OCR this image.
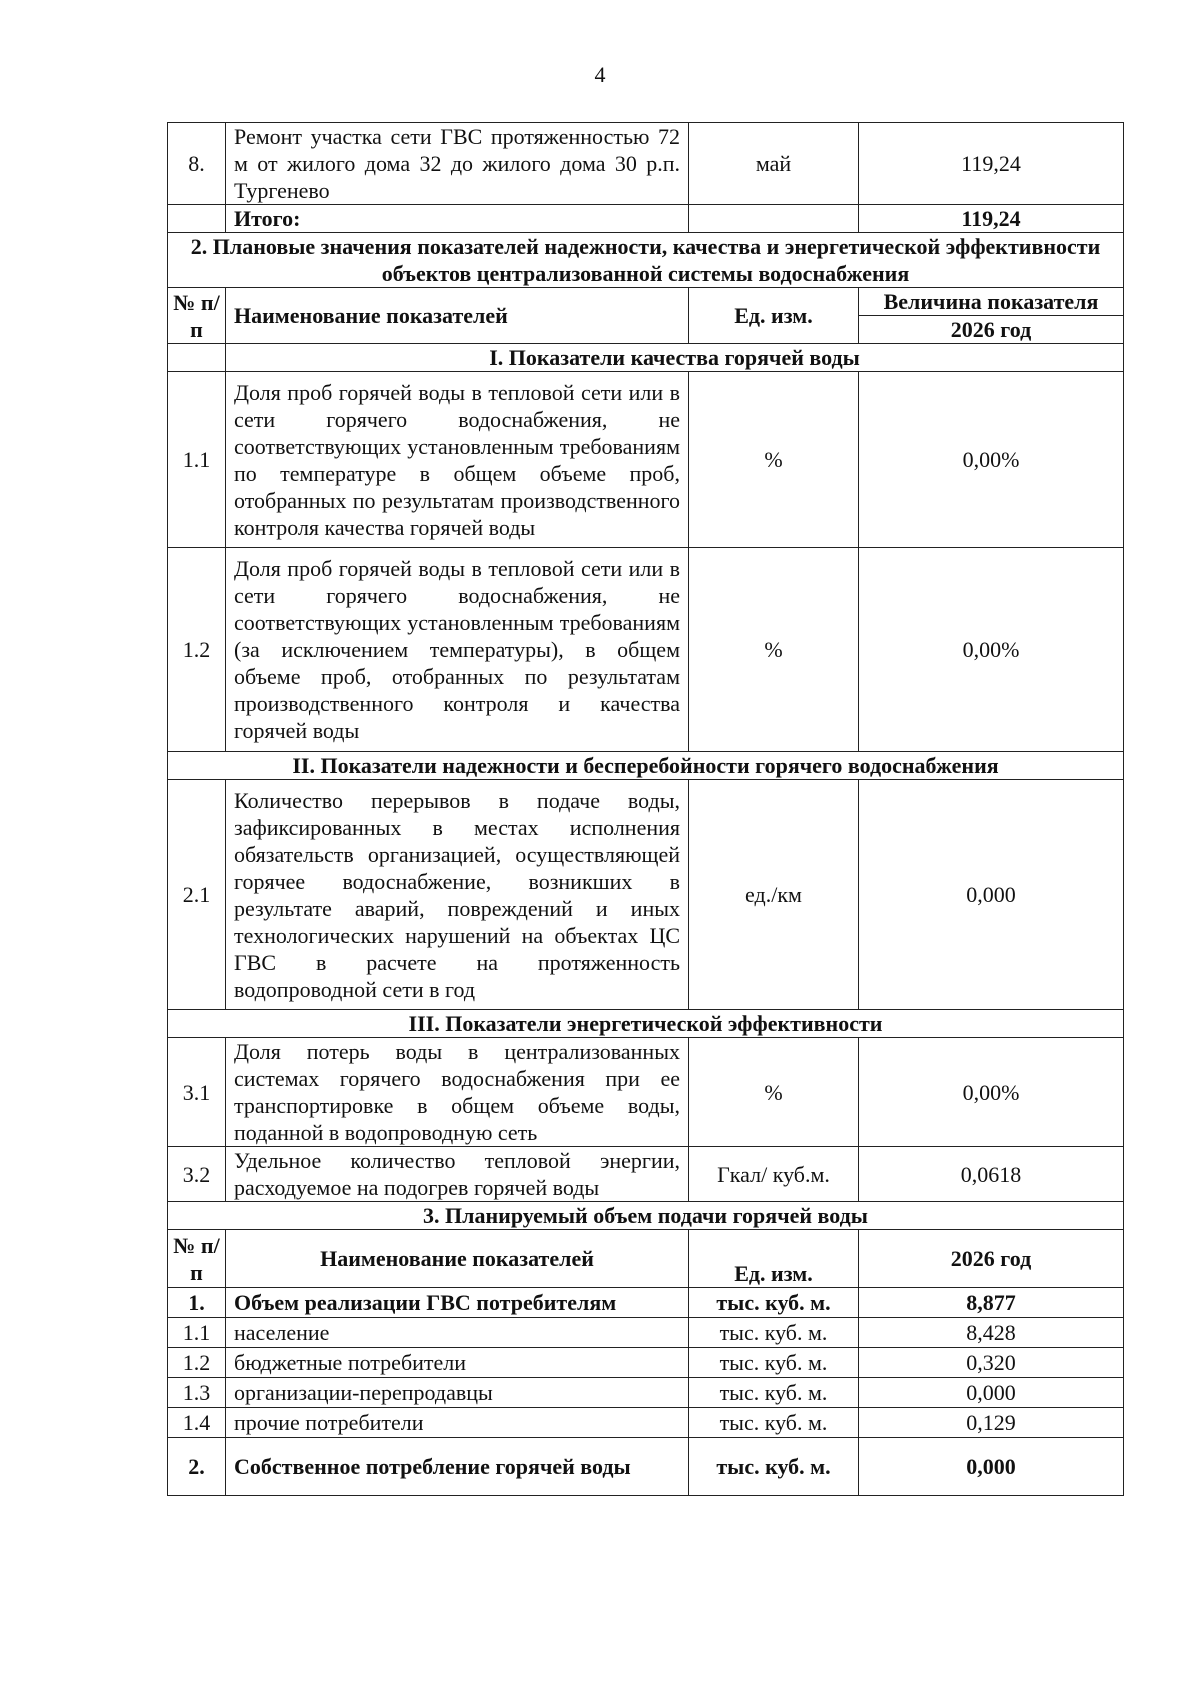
4
8.	Ремонт участка сети ГВС протяженностью 72 м от жилого дома 32 до жилого дома 30 р.п. Тургенево	май	119,24
	Итого:		119,24
2. Плановые значения показателей надежности, качества и энергетической эффективности объектов централизованной системы водоснабжения			
№ п/п	Наименование показателей	Ед. изм.	Величина показателя
			2026 год
	I. Показатели качества горячей воды		
1.1	Доля проб горячей воды в тепловой сети или в сети горячего водоснабжения, не соответствующих установленным требованиям по температуре в общем объеме проб, отобранных по результатам производственного контроля качества горячей воды	%	0,00%
1.2	Доля проб горячей воды в тепловой сети или в сети горячего водоснабжения, не соответствующих установленным требованиям (за исключением температуры), в общем объеме проб, отобранных по результатам производственного контроля и качества горячей воды	%	0,00%
II. Показатели надежности и бесперебойности горячего водоснабжения			
2.1	Количество перерывов в подаче воды, зафиксированных в местах исполнения обязательств организацией, осуществляющей горячее водоснабжение, возникших в результате аварий, повреждений и иных технологических нарушений на объектах ЦС ГВС в расчете на протяженность водопроводной сети в год	ед./км	0,000
III. Показатели энергетической эффективности			
3.1	Доля потерь воды в централизованных системах горячего водоснабжения при ее транспортировке в общем объеме воды, поданной в водопроводную сеть	%	0,00%
3.2	Удельное количество тепловой энергии, расходуемое на подогрев горячей воды	Гкал/ куб.м.	0,0618
3. Планируемый объем подачи горячей воды			
№ п/п	Наименование показателей	Ед. изм.	2026 год
1.	Объем реализации ГВС потребителям	тыс. куб. м.	8,877
1.1	население	тыс. куб. м.	8,428
1.2	бюджетные потребители	тыс. куб. м.	0,320
1.3	организации-перепродавцы	тыс. куб. м.	0,000
1.4	прочие потребители	тыс. куб. м.	0,129
2.	Собственное потребление горячей воды	тыс. куб. м.	0,000
